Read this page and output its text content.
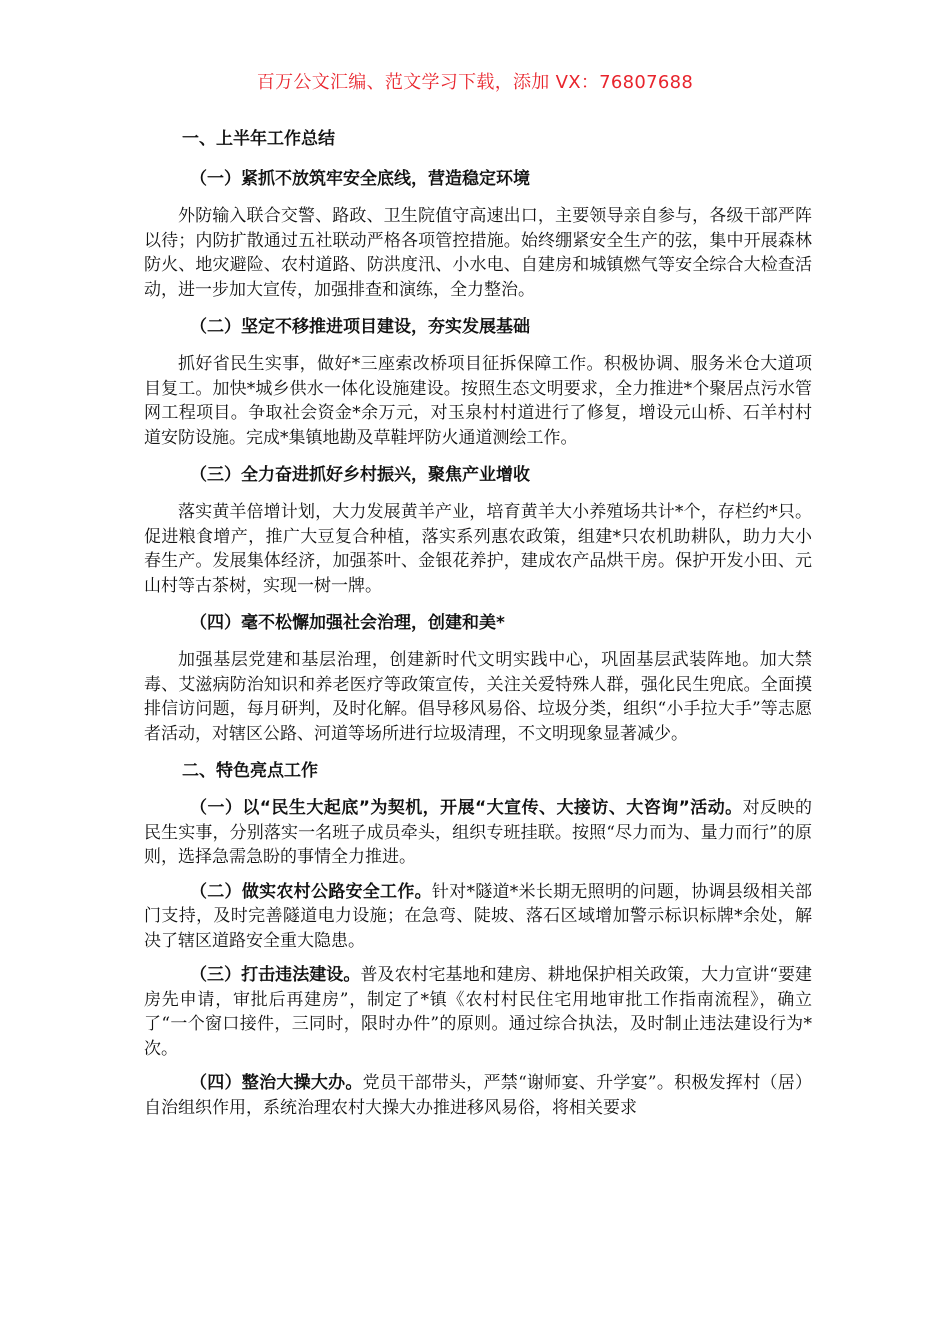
百万公文汇编、范文学习下载，添加 VX：76807688
一、上半年工作总结
（一）紧抓不放筑牢安全底线，营造稳定环境

外防输入联合交警、路政、卫生院值守高速出口，主要领导亲自参与，各级干部严阵以待；内防扩散通过五社联动严格各项管控措施。始终绷紧安全生产的弦，集中开展森林防火、地灾避险、农村道路、防洪度汛、小水电、自建房和城镇燃气等安全综合大检查活动，进一步加大宣传，加强排查和演练，全力整治。

（二）坚定不移推进项目建设，夯实发展基础

抓好省民生实事，做好*三座索改桥项目征拆保障工作。积极协调、服务米仓大道项目复工。加快*城乡供水一体化设施建设。按照生态文明要求，全力推进*个聚居点污水管网工程项目。争取社会资金*余万元，对玉泉村村道进行了修复，增设元山桥、石羊村村道安防设施。完成*集镇地勘及草鞋坪防火通道测绘工作。

（三）全力奋进抓好乡村振兴，聚焦产业增收

落实黄羊倍增计划，大力发展黄羊产业，培育黄羊大小养殖场共计*个，存栏约*只。促进粮食增产，推广大豆复合种植，落实系列惠农政策，组建*只农机助耕队，助力大小春生产。发展集体经济，加强茶叶、金银花养护，建成农产品烘干房。保护开发小田、元山村等古茶树，实现一树一牌。

（四）毫不松懈加强社会治理，创建和美*

加强基层党建和基层治理，创建新时代文明实践中心，巩固基层武装阵地。加大禁毒、艾滋病防治知识和养老医疗等政策宣传，关注关爱特殊人群，强化民生兜底。全面摸排信访问题，每月研判，及时化解。倡导移风易俗、垃圾分类，组织“小手拉大手”等志愿者活动，对辖区公路、河道等场所进行垃圾清理，不文明现象显著减少。

二、特色亮点工作

（一）以“民生大起底”为契机，开展“大宣传、大接访、大咨询”活动。对反映的民生实事，分别落实一名班子成员牵头，组织专班挂联。按照“尽力而为、量力而行”的原则，选择急需急盼的事情全力推进。

（二）做实农村公路安全工作。针对*隧道*米长期无照明的问题，协调县级相关部门支持，及时完善隧道电力设施；在急弯、陡坡、落石区域增加警示标识标牌*余处，解决了辖区道路安全重大隐患。

（三）打击违法建设。普及农村宅基地和建房、耕地保护相关政策，大力宣讲“要建房先申请，审批后再建房”，制定了*镇《农村村民住宅用地审批工作指南流程》，确立了“一个窗口接件，三同时，限时办件”的原则。通过综合执法，及时制止违法建设行为*次。

（四）整治大操大办。党员干部带头，严禁“谢师宴、升学宴”。积极发挥村（居）自治组织作用，系统治理农村大操大办推进移风易俗，将相关要求
